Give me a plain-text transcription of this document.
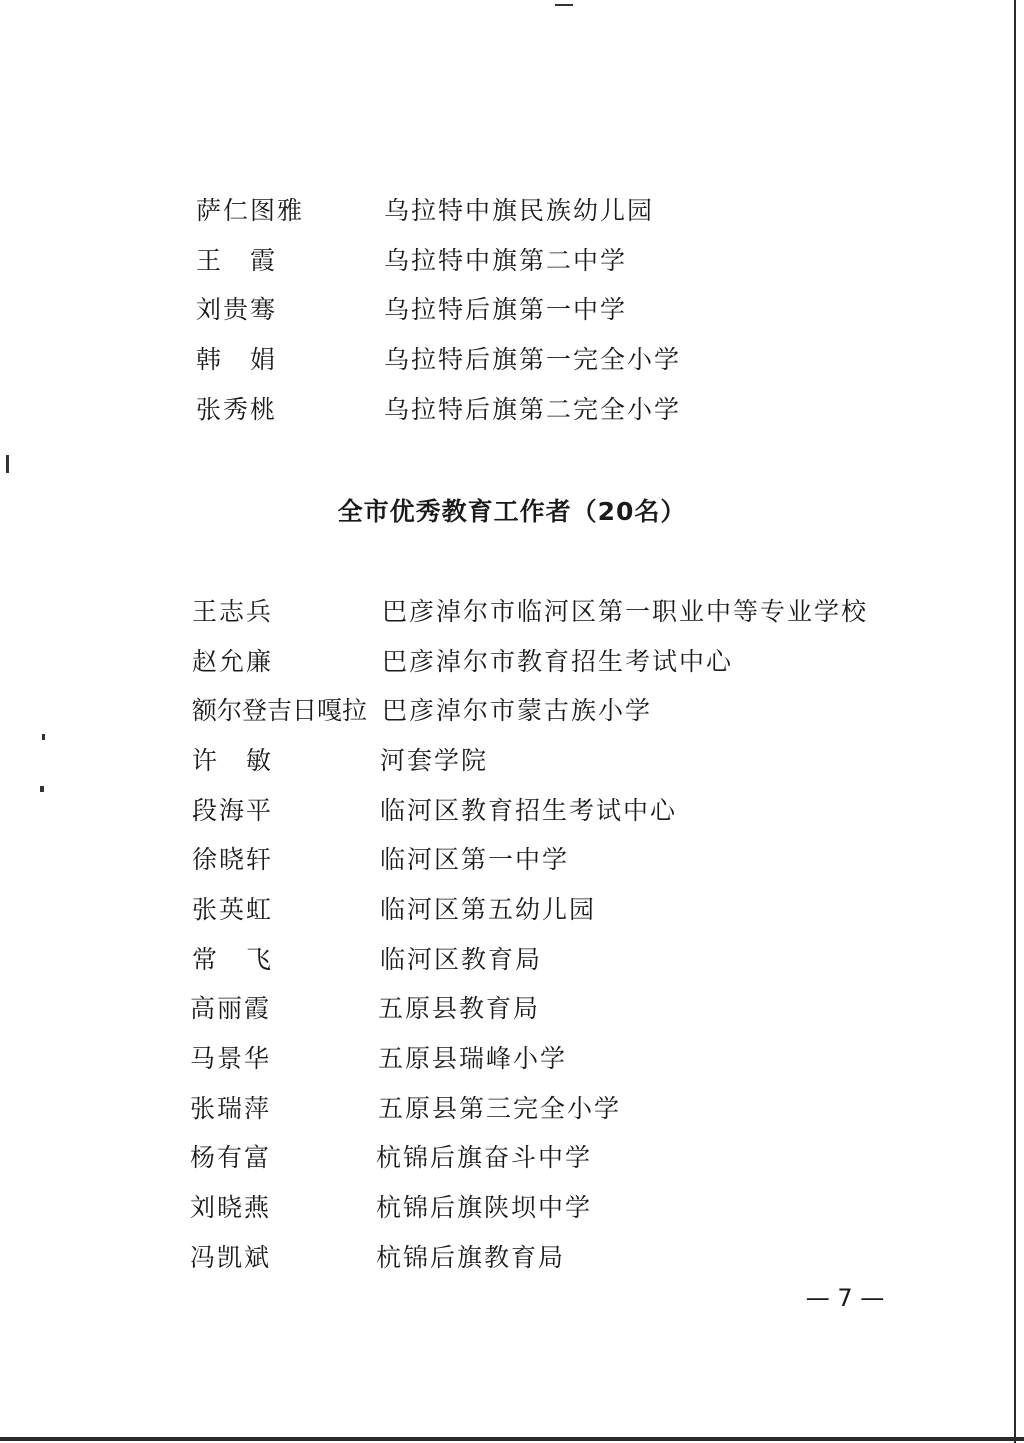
萨仁图雅	乌拉特中旗民族幼儿园
王　霞	乌拉特中旗第二中学
刘贵骞	乌拉特后旗第一中学
韩　娟	乌拉特后旗第一完全小学
张秀桃	乌拉特后旗第二完全小学
全市优秀教育工作者（20名）
王志兵	巴彦淖尔市临河区第一职业中等专业学校
赵允廉	巴彦淖尔市教育招生考试中心
额尔登吉日嘎拉 巴彦淖尔市蒙古族小学
许　敏	河套学院
段海平	临河区教育招生考试中心
徐晓轩	临河区第一中学
张英虹	临河区第五幼儿园
常　飞	临河区教育局
高丽霞	五原县教育局
马景华	五原县瑞峰小学
张瑞萍	五原县第三完全小学
杨有富	杭锦后旗奋斗中学
刘晓燕	杭锦后旗陕坝中学
冯凯斌	杭锦后旗教育局
— 7 —
